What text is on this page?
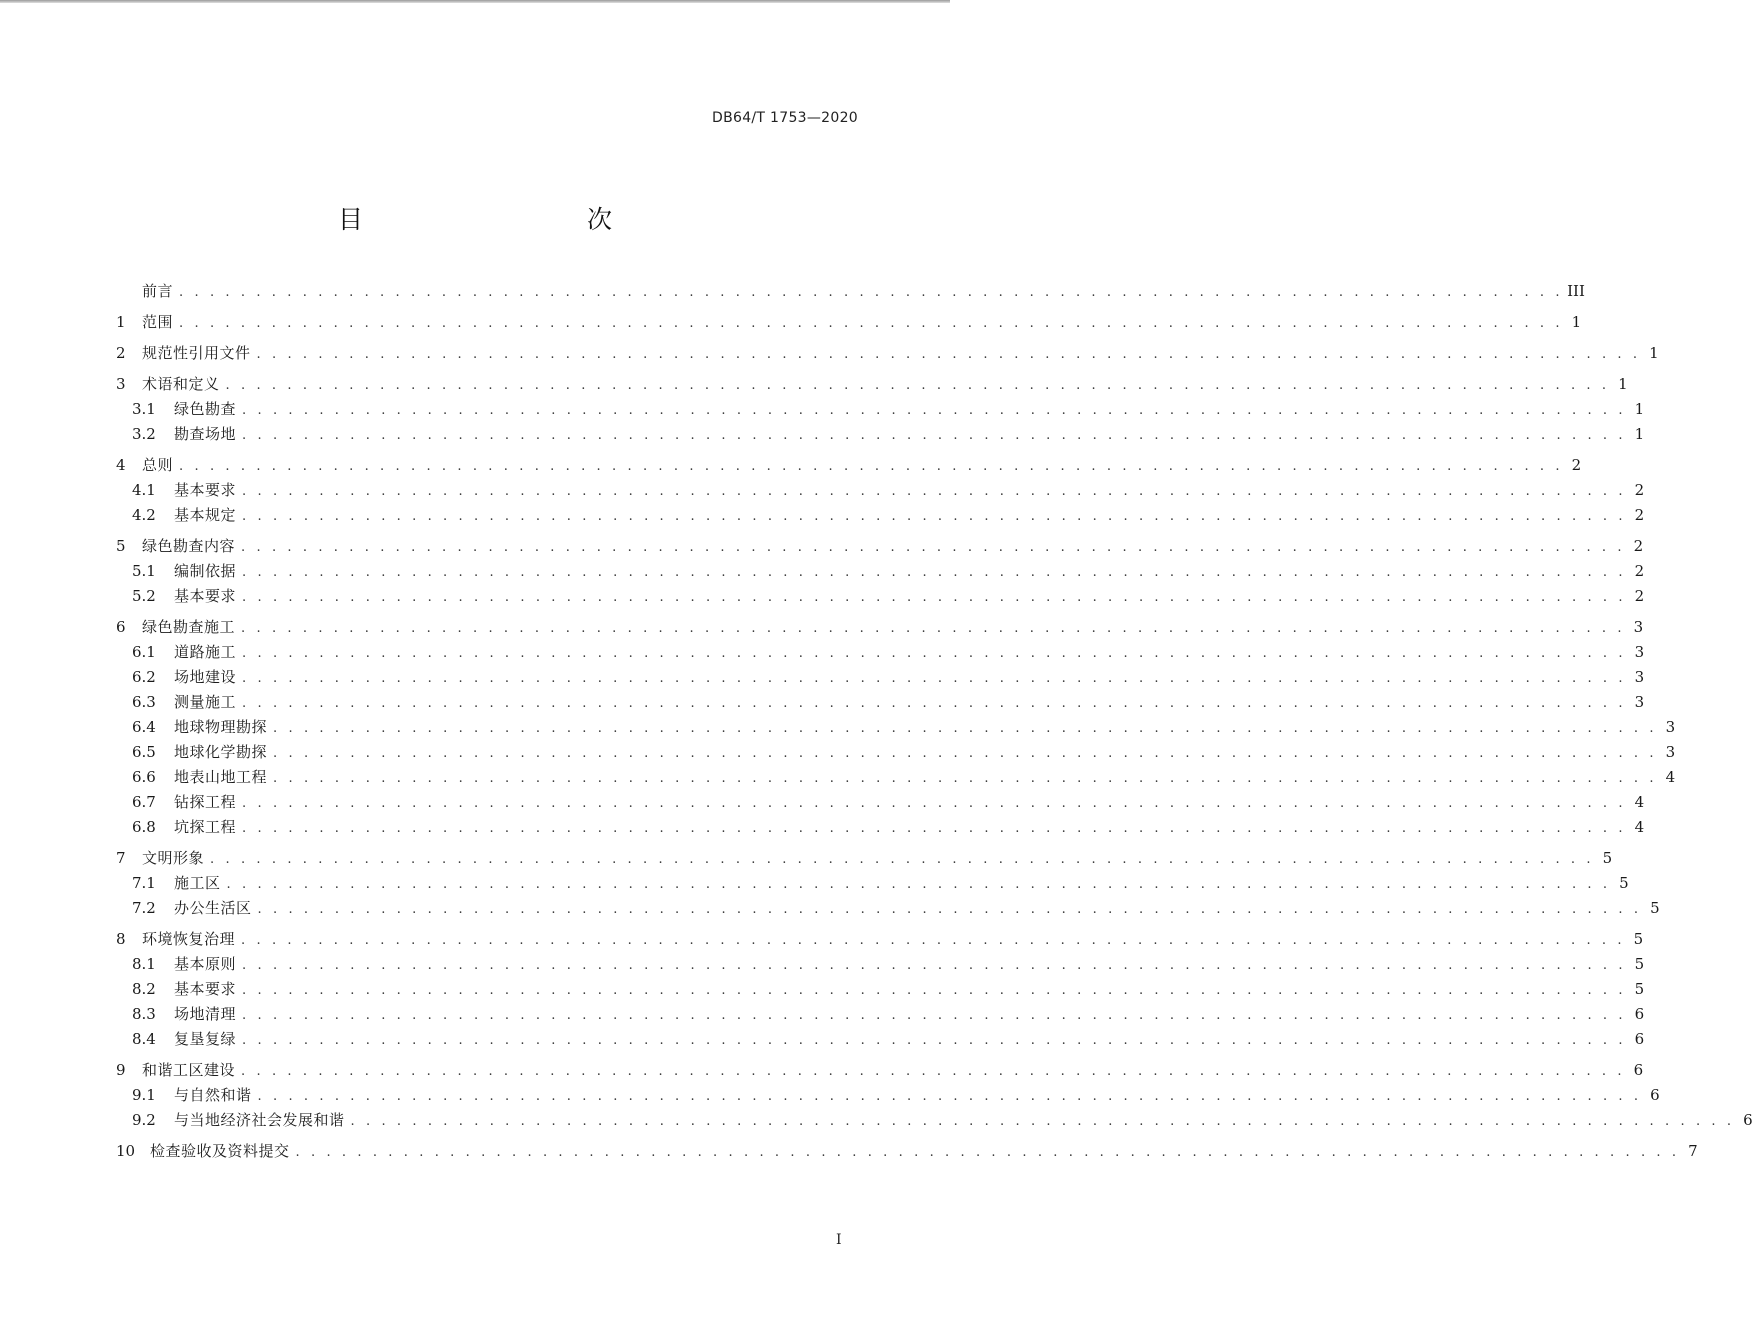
DB64/T 1753—2020
目　　次
前言 . . . . . . . . . . . . . . . . . . . . . . . . . . . . . . . . . . . . . . . . . . . . . . . . . . . . . . . . . . . . . . . . . . . . . . . . . . . . . . . . . . . . . . . . . . III
1	范围 . . . . . . . . . . . . . . . . . . . . . . . . . . . . . . . . . . . . . . . . . . . . . . . . . . . . . . . . . . . . . . . . . . . . . . . . . . . . . . . . . . . . . . . . . . 1
2	规范性引用文件 . . . . . . . . . . . . . . . . . . . . . . . . . . . . . . . . . . . . . . . . . . . . . . . . . . . . . . . . . . . . . . . . . . . . . . . . . . . . . . . . . . . . . . . . . . 1
3	术语和定义 . . . . . . . . . . . . . . . . . . . . . . . . . . . . . . . . . . . . . . . . . . . . . . . . . . . . . . . . . . . . . . . . . . . . . . . . . . . . . . . . . . . . . . . . . . 1
3.1	绿色勘查 . . . . . . . . . . . . . . . . . . . . . . . . . . . . . . . . . . . . . . . . . . . . . . . . . . . . . . . . . . . . . . . . . . . . . . . . . . . . . . . . . . . . . . . . . . 1
3.2	勘查场地 . . . . . . . . . . . . . . . . . . . . . . . . . . . . . . . . . . . . . . . . . . . . . . . . . . . . . . . . . . . . . . . . . . . . . . . . . . . . . . . . . . . . . . . . . . 1
4	总则 . . . . . . . . . . . . . . . . . . . . . . . . . . . . . . . . . . . . . . . . . . . . . . . . . . . . . . . . . . . . . . . . . . . . . . . . . . . . . . . . . . . . . . . . . . 2
4.1	基本要求 . . . . . . . . . . . . . . . . . . . . . . . . . . . . . . . . . . . . . . . . . . . . . . . . . . . . . . . . . . . . . . . . . . . . . . . . . . . . . . . . . . . . . . . . . . 2
4.2	基本规定 . . . . . . . . . . . . . . . . . . . . . . . . . . . . . . . . . . . . . . . . . . . . . . . . . . . . . . . . . . . . . . . . . . . . . . . . . . . . . . . . . . . . . . . . . . 2
5	绿色勘查内容 . . . . . . . . . . . . . . . . . . . . . . . . . . . . . . . . . . . . . . . . . . . . . . . . . . . . . . . . . . . . . . . . . . . . . . . . . . . . . . . . . . . . . . . . . . 2
5.1	编制依据 . . . . . . . . . . . . . . . . . . . . . . . . . . . . . . . . . . . . . . . . . . . . . . . . . . . . . . . . . . . . . . . . . . . . . . . . . . . . . . . . . . . . . . . . . . 2
5.2	基本要求 . . . . . . . . . . . . . . . . . . . . . . . . . . . . . . . . . . . . . . . . . . . . . . . . . . . . . . . . . . . . . . . . . . . . . . . . . . . . . . . . . . . . . . . . . . 2
6	绿色勘查施工 . . . . . . . . . . . . . . . . . . . . . . . . . . . . . . . . . . . . . . . . . . . . . . . . . . . . . . . . . . . . . . . . . . . . . . . . . . . . . . . . . . . . . . . . . . 3
6.1	道路施工 . . . . . . . . . . . . . . . . . . . . . . . . . . . . . . . . . . . . . . . . . . . . . . . . . . . . . . . . . . . . . . . . . . . . . . . . . . . . . . . . . . . . . . . . . . 3
6.2	场地建设 . . . . . . . . . . . . . . . . . . . . . . . . . . . . . . . . . . . . . . . . . . . . . . . . . . . . . . . . . . . . . . . . . . . . . . . . . . . . . . . . . . . . . . . . . . 3
6.3	测量施工 . . . . . . . . . . . . . . . . . . . . . . . . . . . . . . . . . . . . . . . . . . . . . . . . . . . . . . . . . . . . . . . . . . . . . . . . . . . . . . . . . . . . . . . . . . 3
6.4	地球物理勘探 . . . . . . . . . . . . . . . . . . . . . . . . . . . . . . . . . . . . . . . . . . . . . . . . . . . . . . . . . . . . . . . . . . . . . . . . . . . . . . . . . . . . . . . . . . 3
6.5	地球化学勘探 . . . . . . . . . . . . . . . . . . . . . . . . . . . . . . . . . . . . . . . . . . . . . . . . . . . . . . . . . . . . . . . . . . . . . . . . . . . . . . . . . . . . . . . . . . 3
6.6	地表山地工程 . . . . . . . . . . . . . . . . . . . . . . . . . . . . . . . . . . . . . . . . . . . . . . . . . . . . . . . . . . . . . . . . . . . . . . . . . . . . . . . . . . . . . . . . . . 4
6.7	钻探工程 . . . . . . . . . . . . . . . . . . . . . . . . . . . . . . . . . . . . . . . . . . . . . . . . . . . . . . . . . . . . . . . . . . . . . . . . . . . . . . . . . . . . . . . . . . 4
6.8	坑探工程 . . . . . . . . . . . . . . . . . . . . . . . . . . . . . . . . . . . . . . . . . . . . . . . . . . . . . . . . . . . . . . . . . . . . . . . . . . . . . . . . . . . . . . . . . . 4
7	文明形象 . . . . . . . . . . . . . . . . . . . . . . . . . . . . . . . . . . . . . . . . . . . . . . . . . . . . . . . . . . . . . . . . . . . . . . . . . . . . . . . . . . . . . . . . . . 5
7.1	施工区 . . . . . . . . . . . . . . . . . . . . . . . . . . . . . . . . . . . . . . . . . . . . . . . . . . . . . . . . . . . . . . . . . . . . . . . . . . . . . . . . . . . . . . . . . . 5
7.2	办公生活区 . . . . . . . . . . . . . . . . . . . . . . . . . . . . . . . . . . . . . . . . . . . . . . . . . . . . . . . . . . . . . . . . . . . . . . . . . . . . . . . . . . . . . . . . . . 5
8	环境恢复治理 . . . . . . . . . . . . . . . . . . . . . . . . . . . . . . . . . . . . . . . . . . . . . . . . . . . . . . . . . . . . . . . . . . . . . . . . . . . . . . . . . . . . . . . . . . 5
8.1	基本原则 . . . . . . . . . . . . . . . . . . . . . . . . . . . . . . . . . . . . . . . . . . . . . . . . . . . . . . . . . . . . . . . . . . . . . . . . . . . . . . . . . . . . . . . . . . 5
8.2	基本要求 . . . . . . . . . . . . . . . . . . . . . . . . . . . . . . . . . . . . . . . . . . . . . . . . . . . . . . . . . . . . . . . . . . . . . . . . . . . . . . . . . . . . . . . . . . 5
8.3	场地清理 . . . . . . . . . . . . . . . . . . . . . . . . . . . . . . . . . . . . . . . . . . . . . . . . . . . . . . . . . . . . . . . . . . . . . . . . . . . . . . . . . . . . . . . . . . 6
8.4	复垦复绿 . . . . . . . . . . . . . . . . . . . . . . . . . . . . . . . . . . . . . . . . . . . . . . . . . . . . . . . . . . . . . . . . . . . . . . . . . . . . . . . . . . . . . . . . . . 6
9	和谐工区建设 . . . . . . . . . . . . . . . . . . . . . . . . . . . . . . . . . . . . . . . . . . . . . . . . . . . . . . . . . . . . . . . . . . . . . . . . . . . . . . . . . . . . . . . . . . 6
9.1	与自然和谐 . . . . . . . . . . . . . . . . . . . . . . . . . . . . . . . . . . . . . . . . . . . . . . . . . . . . . . . . . . . . . . . . . . . . . . . . . . . . . . . . . . . . . . . . . . 6
9.2	与当地经济社会发展和谐 . . . . . . . . . . . . . . . . . . . . . . . . . . . . . . . . . . . . . . . . . . . . . . . . . . . . . . . . . . . . . . . . . . . . . . . . . . . . . . . . . . . . . . . . . . 6
10 检查验收及资料提交 . . . . . . . . . . . . . . . . . . . . . . . . . . . . . . . . . . . . . . . . . . . . . . . . . . . . . . . . . . . . . . . . . . . . . . . . . . . . . . . . . . . . . . . . . . 7
I
